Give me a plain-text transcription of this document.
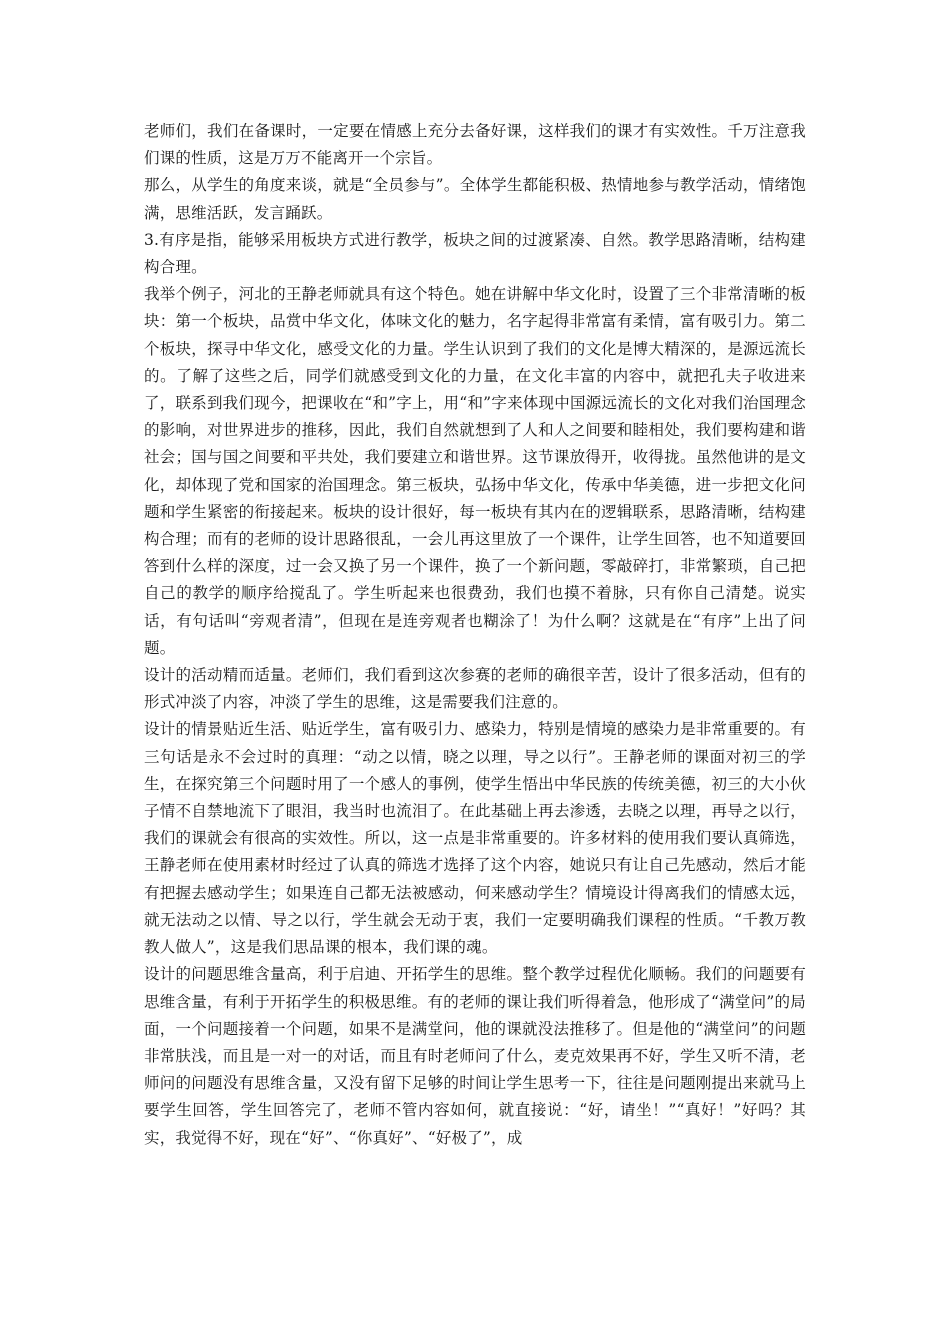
老师们，我们在备课时，一定要在情感上充分去备好课，这样我们的课才有实效性。千万注意我们课的性质，这是万万不能离开一个宗旨。

那么，从学生的角度来谈，就是“全员参与”。全体学生都能积极、热情地参与教学活动，情绪饱满，思维活跃，发言踊跃。

3.有序是指，能够采用板块方式进行教学，板块之间的过渡紧凑、自然。教学思路清晰，结构建构合理。

我举个例子，河北的王静老师就具有这个特色。她在讲解中华文化时，设置了三个非常清晰的板块：第一个板块，品赏中华文化，体味文化的魅力，名字起得非常富有柔情，富有吸引力。第二个板块，探寻中华文化，感受文化的力量。学生认识到了我们的文化是博大精深的，是源远流长的。了解了这些之后，同学们就感受到文化的力量，在文化丰富的内容中，就把孔夫子收进来了，联系到我们现今，把课收在“和”字上，用“和”字来体现中国源远流长的文化对我们治国理念的影响，对世界进步的推移，因此，我们自然就想到了人和人之间要和睦相处，我们要构建和谐社会；国与国之间要和平共处，我们要建立和谐世界。这节课放得开，收得拢。虽然他讲的是文化，却体现了党和国家的治国理念。第三板块，弘扬中华文化，传承中华美德，进一步把文化问题和学生紧密的衔接起来。板块的设计很好，每一板块有其内在的逻辑联系，思路清晰，结构建构合理；而有的老师的设计思路很乱，一会儿再这里放了一个课件，让学生回答，也不知道要回答到什么样的深度，过一会又换了另一个课件，换了一个新问题，零敲碎打，非常繁琐，自己把自己的教学的顺序给搅乱了。学生听起来也很费劲，我们也摸不着脉，只有你自己清楚。说实话，有句话叫“旁观者清”，但现在是连旁观者也糊涂了！为什么啊？这就是在“有序”上出了问题。

设计的活动精而适量。老师们，我们看到这次参赛的老师的确很辛苦，设计了很多活动，但有的形式冲淡了内容，冲淡了学生的思维，这是需要我们注意的。

设计的情景贴近生活、贴近学生，富有吸引力、感染力，特别是情境的感染力是非常重要的。有三句话是永不会过时的真理：“动之以情，晓之以理，导之以行”。王静老师的课面对初三的学生，在探究第三个问题时用了一个感人的事例，使学生悟出中华民族的传统美德，初三的大小伙子情不自禁地流下了眼泪，我当时也流泪了。在此基础上再去渗透，去晓之以理，再导之以行，我们的课就会有很高的实效性。所以，这一点是非常重要的。许多材料的使用我们要认真筛选，王静老师在使用素材时经过了认真的筛选才选择了这个内容，她说只有让自己先感动，然后才能有把握去感动学生；如果连自己都无法被感动，何来感动学生？情境设计得离我们的情感太远，就无法动之以情、导之以行，学生就会无动于衷，我们一定要明确我们课程的性质。“千教万教教人做人”，这是我们思品课的根本，我们课的魂。

设计的问题思维含量高，利于启迪、开拓学生的思维。整个教学过程优化顺畅。我们的问题要有思维含量，有利于开拓学生的积极思维。有的老师的课让我们听得着急，他形成了“满堂问”的局面，一个问题接着一个问题，如果不是满堂问，他的课就没法推移了。但是他的“满堂问”的问题非常肤浅，而且是一对一的对话，而且有时老师问了什么，麦克效果再不好，学生又听不清，老师问的问题没有思维含量，又没有留下足够的时间让学生思考一下，往往是问题刚提出来就马上要学生回答，学生回答完了，老师不管内容如何，就直接说：“好，请坐！”“真好！”好吗？其实，我觉得不好，现在“好”、“你真好”、“好极了”，成
